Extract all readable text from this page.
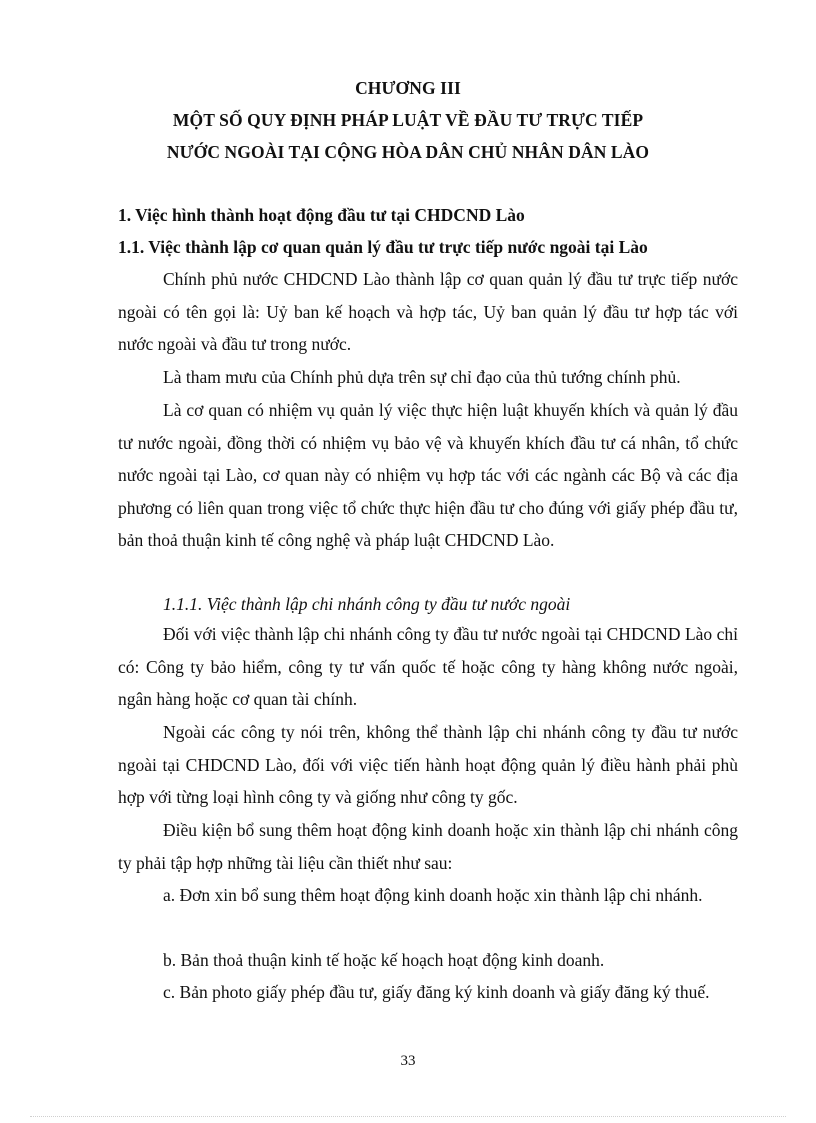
CHƯƠNG III
MỘT SỐ QUY ĐỊNH PHÁP LUẬT VỀ ĐẦU TƯ TRỰC TIẾP
NƯỚC NGOÀI TẠI CỘNG HÒA DÂN CHỦ NHÂN DÂN LÀO
1. Việc hình thành hoạt động đầu tư tại CHDCND Lào
1.1. Việc thành lập cơ quan quản lý đầu tư trực tiếp nước ngoài tại Lào

Chính phủ nước CHDCND Lào thành lập cơ quan quản lý đầu tư trực tiếp nước ngoài có tên gọi là: Uỷ ban kế hoạch và hợp tác, Uỷ ban quản lý đầu tư hợp tác với nước ngoài và đầu tư trong nước.

Là tham mưu của Chính phủ dựa trên sự chỉ đạo của thủ tướng chính phủ.

Là cơ quan có nhiệm vụ quản lý việc thực hiện luật khuyến khích và quản lý đầu tư nước ngoài, đồng thời có nhiệm vụ bảo vệ và khuyến khích đầu tư cá nhân, tổ chức nước ngoài tại Lào, cơ quan này có nhiệm vụ hợp tác với các ngành các Bộ và các địa phương có liên quan trong việc tổ chức thực hiện đầu tư cho đúng với giấy phép đầu tư, bản thoả thuận kinh tế công nghệ và pháp luật CHDCND Lào.

1.1.1. Việc thành lập chi nhánh công ty đầu tư nước ngoài

Đối với việc thành lập chi nhánh công ty đầu tư nước ngoài tại CHDCND Lào chỉ có: Công ty bảo hiểm, công ty tư vấn quốc tế hoặc công ty hàng không nước ngoài, ngân hàng hoặc cơ quan tài chính.

Ngoài các công ty nói trên, không thể thành lập chi nhánh công ty đầu tư nước ngoài tại CHDCND Lào, đối với việc tiến hành hoạt động quản lý điều hành phải phù hợp với từng loại hình công ty và giống như công ty gốc.

Điều kiện bổ sung thêm hoạt động kinh doanh hoặc xin thành lập chi nhánh công ty phải tập hợp những tài liệu cần thiết như sau:

a. Đơn xin bổ sung thêm hoạt động kinh doanh hoặc xin thành lập chi nhánh.

b. Bản thoả thuận kinh tế hoặc kế hoạch hoạt động kinh doanh.

c. Bản photo giấy phép đầu tư, giấy đăng ký kinh doanh và giấy đăng ký thuế.

33
